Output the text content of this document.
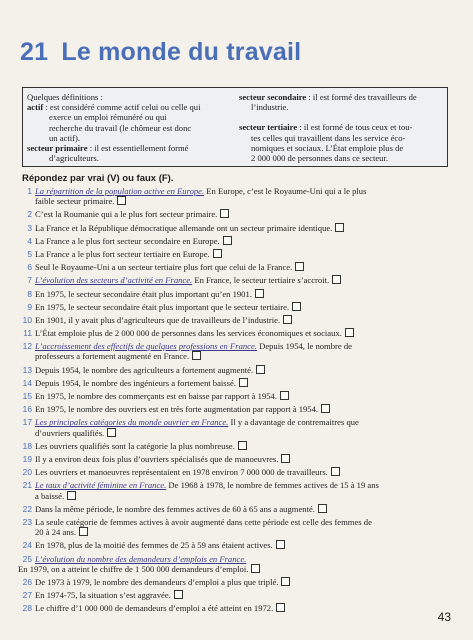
21 Le monde du travail
Quelques définitions :
actif : est considéré comme actif celui ou celle qui
exerce un emploi rémunéré ou qui
recherche du travail (le chômeur est donc
un actif).
secteur primaire : il est essentiellement formé
d’agriculteurs.
secteur secondaire : il est formé des travailleurs de
l’industrie.
secteur tertiaire : il est formé de tous ceux et tou-
tes celles qui travaillent dans les service éco-
nomiques et sociaux. L’État emploie plus de
2 000 000 de personnes dans ce secteur.
Répondez par vrai (V) ou faux (F).
1 La répartition de la population active en Europe. En Europe, c’est le Royaume-Uni qui a le plus
faible secteur primaire.
2 C’est la Roumanie qui a le plus fort secteur primaire.
3 La France et la République démocratique allemande ont un secteur primaire identique.
4 La France a le plus fort secteur secondaire en Europe.
5 La France a le plus fort secteur tertiaire en Europe.
6 Seul le Royaume-Uni a un secteur tertiaire plus fort que celui de la France.
7 L’évolution des secteurs d’activité en France. En France, le secteur tertiaire s’accroit.
8 En 1975, le secteur secondaire était plus important qu’en 1901.
9 En 1975, le secteur secondaire était plus important que le secteur tertiaire.
10 En 1901, il y avait plus d’agriculteurs que de travailleurs de l’industrie.
11 L’État emploie plus de 2 000 000 de personnes dans les services économiques et sociaux.
12 L’accroissement des effectifs de quelques professions en France. Depuis 1954, le nombre de
professeurs a fortement augmenté en France.
13 Depuis 1954, le nombre des agriculteurs a fortement augmenté.
14 Depuis 1954, le nombre des ingénieurs a fortement baissé.
15 En 1975, le nombre des commerçants est en baisse par rapport à 1954.
16 En 1975, le nombre des ouvriers est en très forte augmentation par rapport à 1954.
17 Les principales catégories du monde ouvrier en France. Il y a davantage de contremaitres que
d’ouvriers qualifiés.
18 Les ouvriers qualifiés sont la catégorie la plus nombreuse.
19 Il y a environ deux fois plus d’ouvriers spécialisés que de manoeuvres.
20 Les ouvriers et manoeuvres représentaient en 1978 environ 7 000 000 de travailleurs.
21 Le taux d’activité féminine en France. De 1968 à 1978, le nombre de femmes actives de 15 à 19 ans
a baissé.
22 Dans la même période, le nombre des femmes actives de 60 à 65 ans a augmenté.
23 La seule catégorie de femmes actives à avoir augmenté dans cette période est celle des femmes de
20 à 24 ans.
24 En 1978, plus de la moitié des femmes de 25 à 59 ans étaient actives.
25 L’évolution du nombre des demandeurs d’emplois en France.
En 1979, on a atteint le chiffre de 1 500 000 demandeurs d’emploi.
26 De 1973 à 1979, le nombre des demandeurs d’emploi a plus que triplé.
27 En 1974-75, la situation s’est aggravée.
28 Le chiffre d’1 000 000 de demandeurs d’emploi a été atteint en 1972.
43
